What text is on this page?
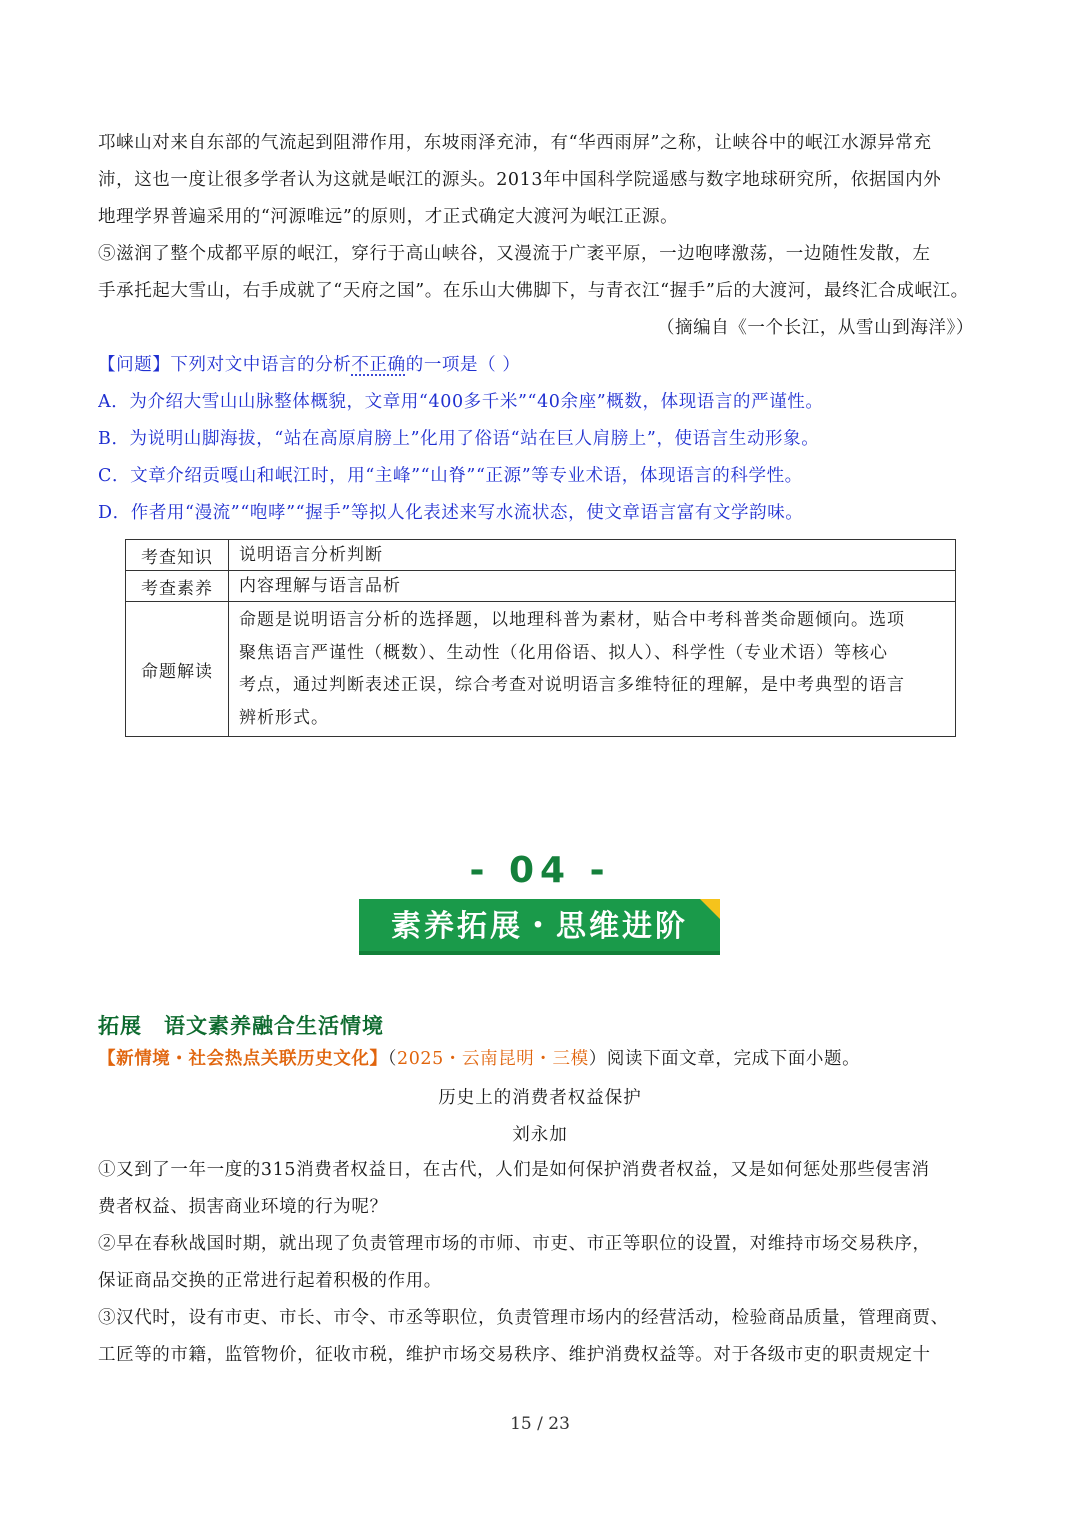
邛崃山对来自东部的气流起到阻滞作用，东坡雨泽充沛，有“华西雨屏”之称，让峡谷中的岷江水源异常充
沛，这也一度让很多学者认为这就是岷江的源头。2013年中国科学院遥感与数字地球研究所，依据国内外
地理学界普遍采用的“河源唯远”的原则，才正式确定大渡河为岷江正源。
⑤滋润了整个成都平原的岷江，穿行于高山峡谷，又漫流于广袤平原，一边咆哮激荡，一边随性发散，左
手承托起大雪山，右手成就了“天府之国”。在乐山大佛脚下，与青衣江“握手”后的大渡河，最终汇合成岷江。
（摘编自《一个长江，从雪山到海洋》）
【问题】下列对文中语言的分析不正确的一项是（ ）
A．为介绍大雪山山脉整体概貌，文章用“400多千米”“40余座”概数，体现语言的严谨性。
B．为说明山脚海拔，“站在高原肩膀上”化用了俗语“站在巨人肩膀上”，使语言生动形象。
C．文章介绍贡嘎山和岷江时，用“主峰”“山脊”“正源”等专业术语，体现语言的科学性。
D．作者用“漫流”“咆哮”“握手”等拟人化表述来写水流状态，使文章语言富有文学韵味。
考查知识	说明语言分析判断
考查素养	内容理解与语言品析
命题解读	命题是说明语言分析的选择题，以地理科普为素材，贴合中考科普类命题倾向。选项
聚焦语言严谨性（概数）、生动性（化用俗语、拟人）、科学性（专业术语）等核心
考点，通过判断表述正误，综合考查对说明语言多维特征的理解，是中考典型的语言
辨析形式。
- 04 -
素养拓展・思维进阶
拓展　语文素养融合生活情境
【新情境・社会热点关联历史文化】（2025・云南昆明・三模）阅读下面文章，完成下面小题。
历史上的消费者权益保护
刘永加
①又到了一年一度的315消费者权益日，在古代，人们是如何保护消费者权益，又是如何惩处那些侵害消
费者权益、损害商业环境的行为呢？
②早在春秋战国时期，就出现了负责管理市场的市师、市吏、市正等职位的设置，对维持市场交易秩序，
保证商品交换的正常进行起着积极的作用。
③汉代时，设有市吏、市长、市令、市丞等职位，负责管理市场内的经营活动，检验商品质量，管理商贾、
工匠等的市籍，监管物价，征收市税，维护市场交易秩序、维护消费权益等。对于各级市吏的职责规定十
15 / 23
